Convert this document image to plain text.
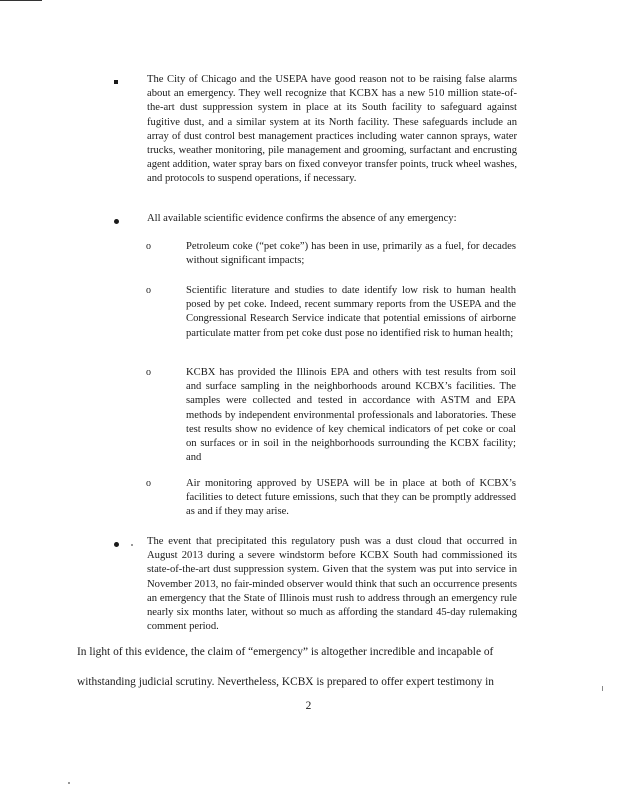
The City of Chicago and the USEPA have good reason not to be raising false alarms about an emergency. They well recognize that KCBX has a new 510 million state-of-the-art dust suppression system in place at its South facility to safeguard against fugitive dust, and a similar system at its North facility. These safeguards include an array of dust control best management practices including water cannon sprays, water trucks, weather monitoring, pile management and grooming, surfactant and encrusting agent addition, water spray bars on fixed conveyor transfer points, truck wheel washes, and protocols to suspend operations, if necessary.
All available scientific evidence confirms the absence of any emergency:
o	Petroleum coke (“pet coke”) has been in use, primarily as a fuel, for decades without significant impacts;
o	Scientific literature and studies to date identify low risk to human health posed by pet coke. Indeed, recent summary reports from the USEPA and the Congressional Research Service indicate that potential emissions of airborne particulate matter from pet coke dust pose no identified risk to human health;
o	KCBX has provided the Illinois EPA and others with test results from soil and surface sampling in the neighborhoods around KCBX’s facilities. The samples were collected and tested in accordance with ASTM and EPA methods by independent environmental professionals and laboratories. These test results show no evidence of key chemical indicators of pet coke or coal on surfaces or in soil in the neighborhoods surrounding the KCBX facility; and
o	Air monitoring approved by USEPA will be in place at both of KCBX’s facilities to detect future emissions, such that they can be promptly addressed as and if they may arise.
The event that precipitated this regulatory push was a dust cloud that occurred in August 2013 during a severe windstorm before KCBX South had commissioned its state-of-the-art dust suppression system. Given that the system was put into service in November 2013, no fair-minded observer would think that such an occurrence presents an emergency that the State of Illinois must rush to address through an emergency rule nearly six months later, without so much as affording the standard 45-day rulemaking comment period.
In light of this evidence, the claim of “emergency” is altogether incredible and incapable of
withstanding judicial scrutiny. Nevertheless, KCBX is prepared to offer expert testimony in
2
